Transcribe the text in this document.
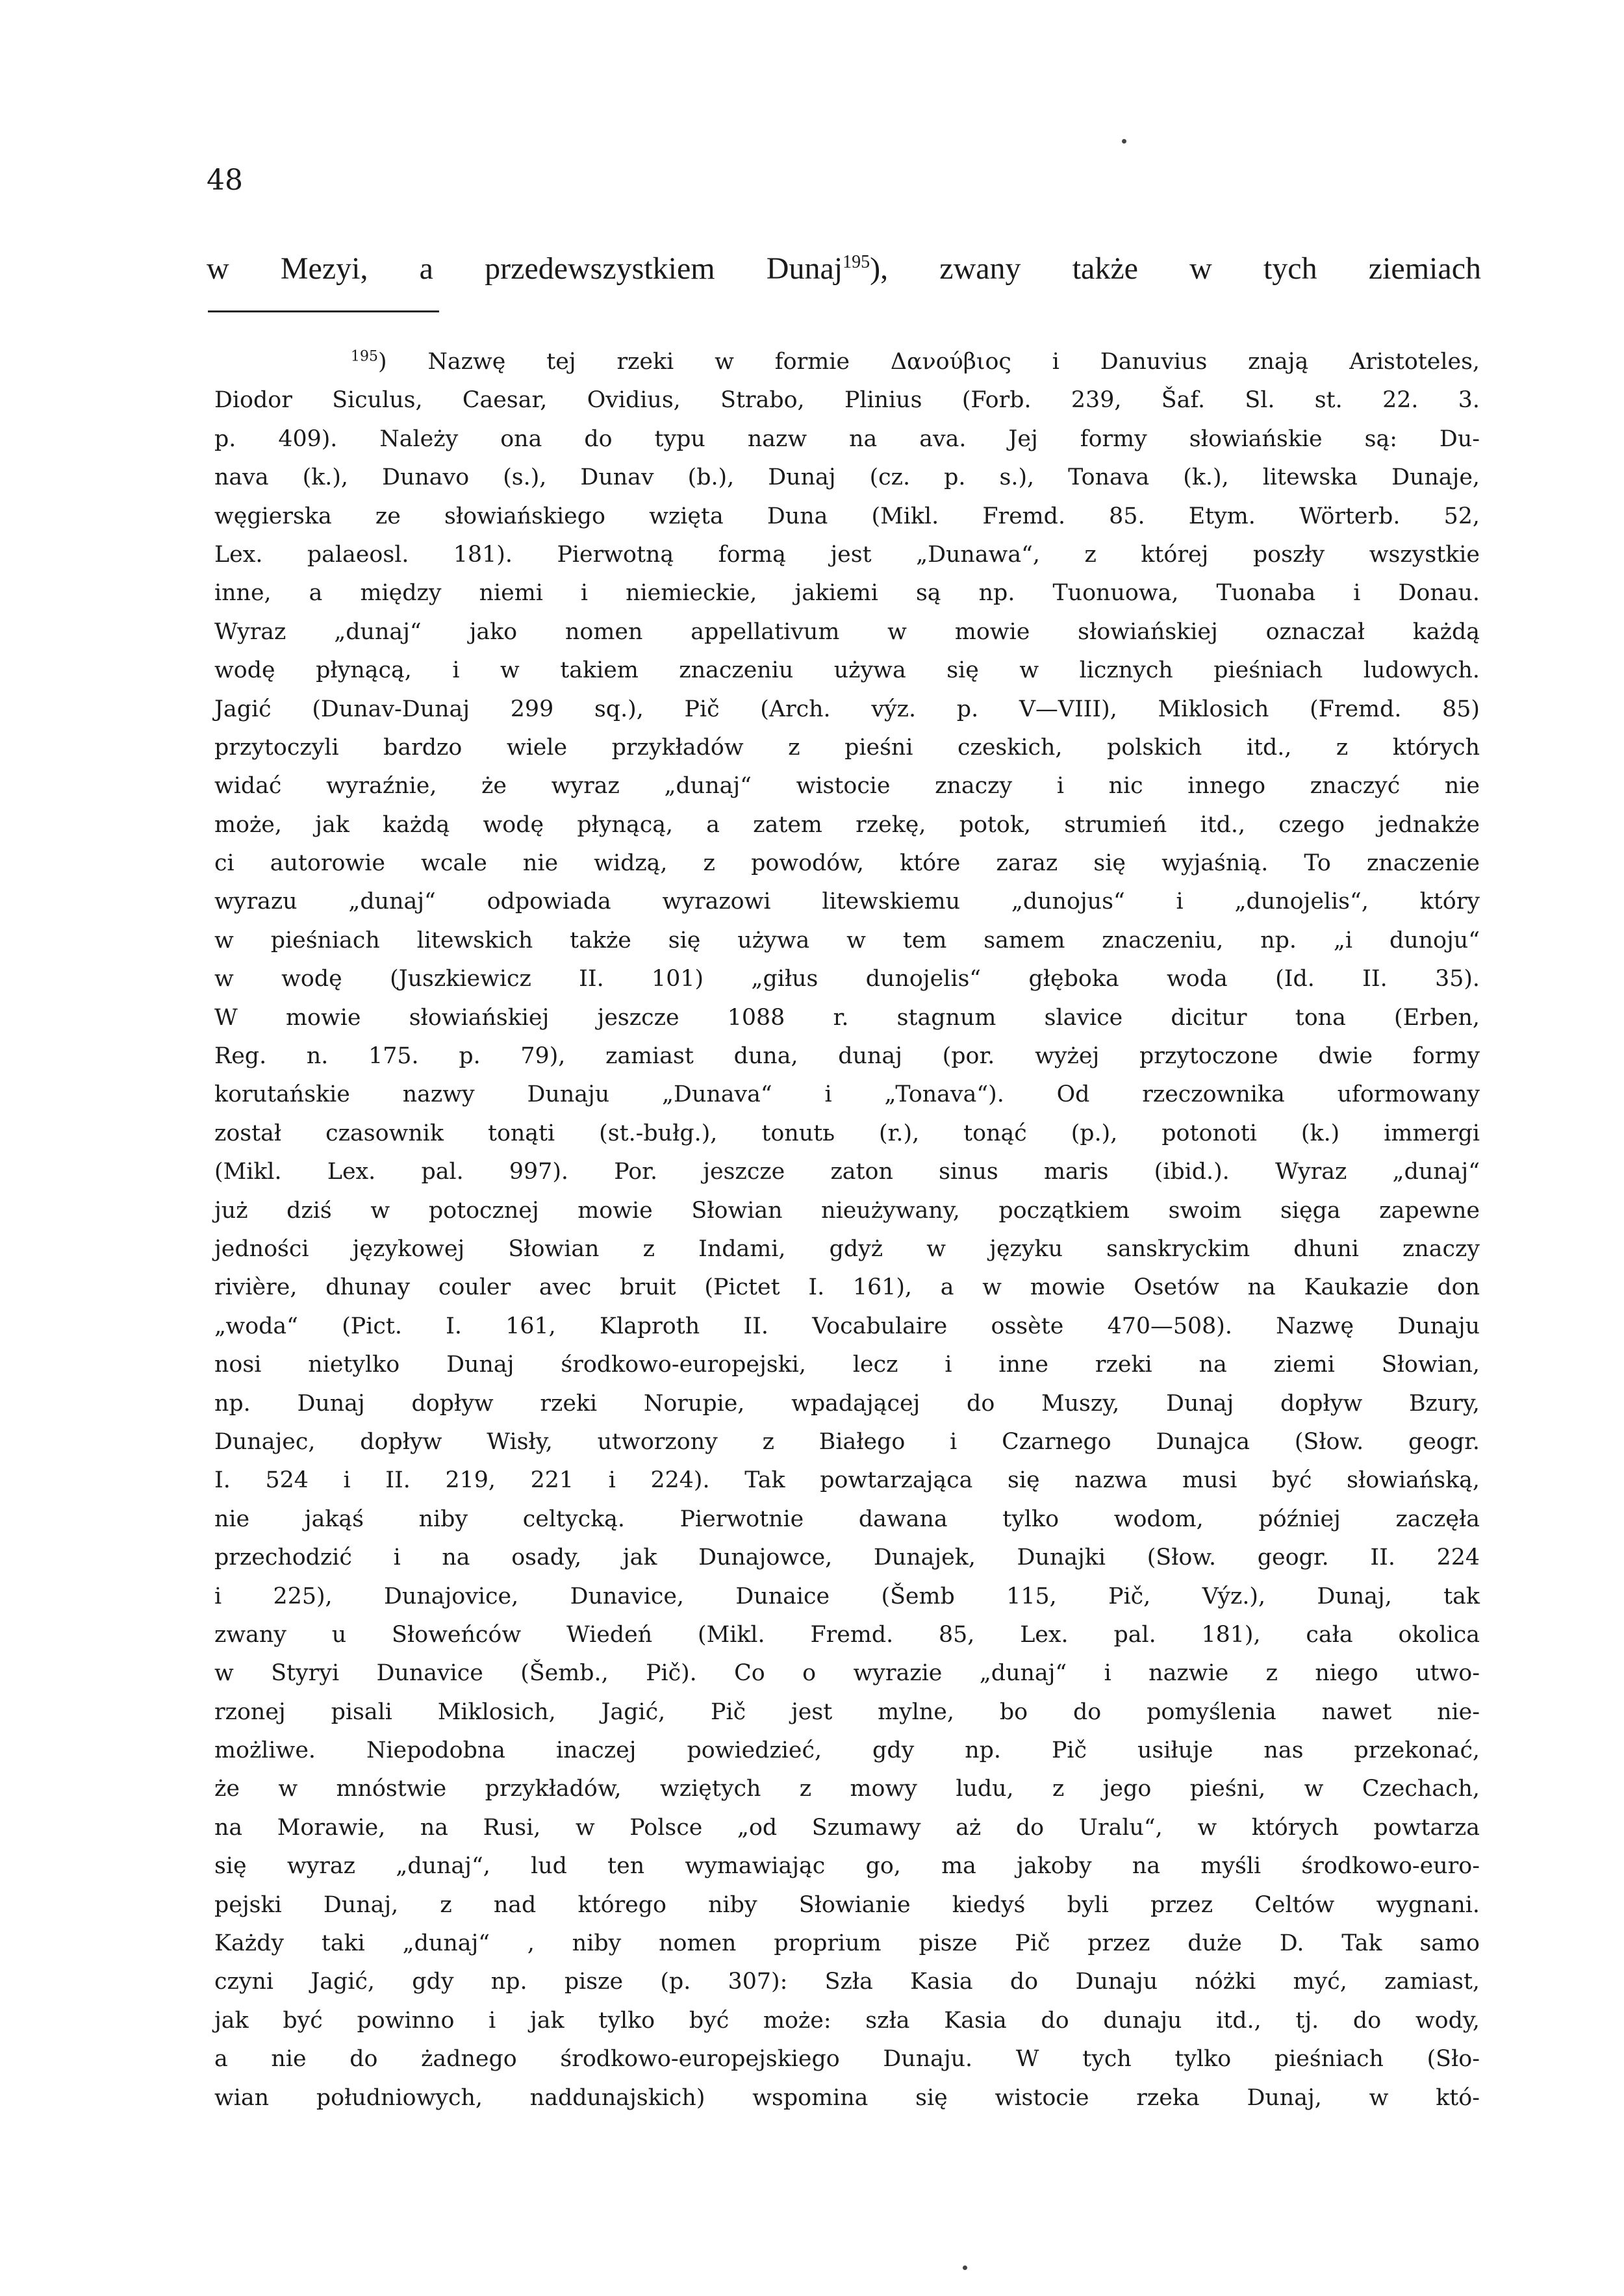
48
w Mezyi, a przedewszystkiem Dunaj$^{195}$), zwany także w tych ziemiach
$^{195}$) Nazwę tej rzeki w formie Δανούβιος i Danuvius znają Aristoteles,
Diodor Siculus, Caesar, Ovidius, Strabo, Plinius (Forb. 239, Šaf. Sl. st. 22. 3.
p. 409). Należy ona do typu nazw na ava. Jej formy słowiańskie są: Du-
nava (k.), Dunavo (s.), Dunav (b.), Dunaj (cz. p. s.), Tonava (k.), litewska Dunaje,
węgierska ze słowiańskiego wzięta Duna (Mikl. Fremd. 85. Etym. Wörterb. 52,
Lex. palaeosl. 181). Pierwotną formą jest „Dunawa“, z której poszły wszystkie
inne, a między niemi i niemieckie, jakiemi są np. Tuonuowa, Tuonaba i Donau.
Wyraz „dunaj“ jako nomen appellativum w mowie słowiańskiej oznaczał każdą
wodę płynącą, i w takiem znaczeniu używa się w licznych pieśniach ludowych.
Jagić (Dunav-Dunaj 299 sq.), Pič (Arch. výz. p. V—VIII), Miklosich (Fremd. 85)
przytoczyli bardzo wiele przykładów z pieśni czeskich, polskich itd., z których
widać wyraźnie, że wyraz „dunaj“ wistocie znaczy i nic innego znaczyć nie
może, jak każdą wodę płynącą, a zatem rzekę, potok, strumień itd., czego jednakże
ci autorowie wcale nie widzą, z powodów, które zaraz się wyjaśnią. To znaczenie
wyrazu „dunaj“ odpowiada wyrazowi litewskiemu „dunojus“ i „dunojelis“, który
w pieśniach litewskich także się używa w tem samem znaczeniu, np. „i dunoju“
w wodę (Juszkiewicz II. 101) „giłus dunojelis“ głęboka woda (Id. II. 35).
W mowie słowiańskiej jeszcze 1088 r. stagnum slavice dicitur tona (Erben,
Reg. n. 175. p. 79), zamiast duna, dunaj (por. wyżej przytoczone dwie formy
korutańskie nazwy Dunaju „Dunava“ i „Tonava“). Od rzeczownika uformowany
został czasownik tonąti (st.-bułg.), tonutь (r.), tonąć (p.), potonoti (k.) immergi
(Mikl. Lex. pal. 997). Por. jeszcze zaton sinus maris (ibid.). Wyraz „dunaj“
już dziś w potocznej mowie Słowian nieużywany, początkiem swoim sięga zapewne
jedności językowej Słowian z Indami, gdyż w języku sanskryckim dhuni znaczy
rivière, dhunay couler avec bruit (Pictet I. 161), a w mowie Osetów na Kaukazie don
„woda“ (Pict. I. 161, Klaproth II. Vocabulaire ossète 470—508). Nazwę Dunaju
nosi nietylko Dunaj środkowo-europejski, lecz i inne rzeki na ziemi Słowian,
np. Dunaj dopływ rzeki Norupie, wpadającej do Muszy, Dunaj dopływ Bzury,
Dunajec, dopływ Wisły, utworzony z Białego i Czarnego Dunajca (Słow. geogr.
I. 524 i II. 219, 221 i 224). Tak powtarzająca się nazwa musi być słowiańską,
nie jakąś niby celtycką. Pierwotnie dawana tylko wodom, później zaczęła
przechodzić i na osady, jak Dunajowce, Dunajek, Dunajki (Słow. geogr. II. 224
i 225), Dunajovice, Dunavice, Dunaice (Šemb 115, Pič, Výz.), Dunaj, tak
zwany u Słoweńców Wiedeń (Mikl. Fremd. 85, Lex. pal. 181), cała okolica
w Styryi Dunavice (Šemb., Pič). Co o wyrazie „dunaj“ i nazwie z niego utwo-
rzonej pisali Miklosich, Jagić, Pič jest mylne, bo do pomyślenia nawet nie-
możliwe. Niepodobna inaczej powiedzieć, gdy np. Pič usiłuje nas przekonać,
że w mnóstwie przykładów, wziętych z mowy ludu, z jego pieśni, w Czechach,
na Morawie, na Rusi, w Polsce „od Szumawy aż do Uralu“, w których powtarza
się wyraz „dunaj“, lud ten wymawiając go, ma jakoby na myśli środkowo-euro-
pejski Dunaj, z nad którego niby Słowianie kiedyś byli przez Celtów wygnani.
Każdy taki „dunaj“ , niby nomen proprium pisze Pič przez duże D. Tak samo
czyni Jagić, gdy np. pisze (p. 307): Szła Kasia do Dunaju nóżki myć, zamiast,
jak być powinno i jak tylko być może: szła Kasia do dunaju itd., tj. do wody,
a nie do żadnego środkowo-europejskiego Dunaju. W tych tylko pieśniach (Sło-
wian południowych, naddunajskich) wspomina się wistocie rzeka Dunaj, w któ-
